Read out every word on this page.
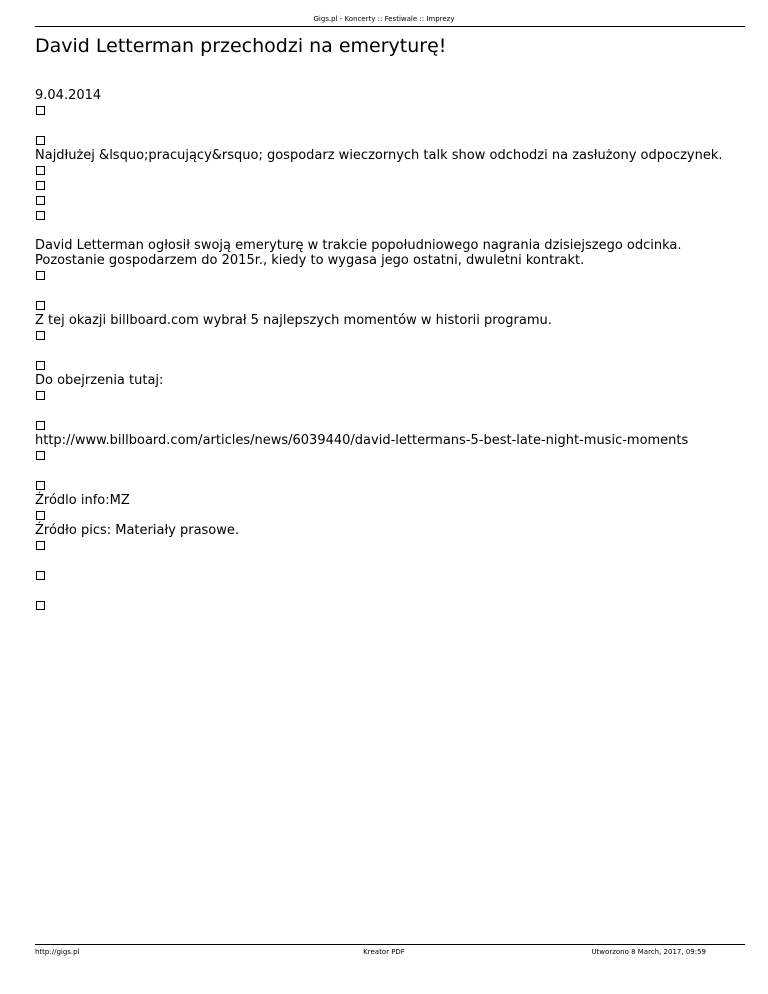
Gigs.pl - Koncerty :: Festiwale :: Imprezy
David Letterman przechodzi na emeryturę!
9.04.2014
Najdłużej &lsquo;pracujący&rsquo; gospodarz wieczornych talk show odchodzi na zasłużony odpoczynek.
David Letterman ogłosił swoją emeryturę w trakcie popołudniowego nagrania dzisiejszego odcinka.
Pozostanie gospodarzem do 2015r., kiedy to wygasa jego ostatni, dwuletni kontrakt.
Z tej okazji billboard.com wybrał 5 najlepszych momentów w historii programu.
Do obejrzenia tutaj:
http://www.billboard.com/articles/news/6039440/david-lettermans-5-best-late-night-music-moments
Źródlo info:MZ
Źródło pics: Materiały prasowe.
http://gigs.pl	Kreator PDF	Utworzono 8 March, 2017, 09:59
